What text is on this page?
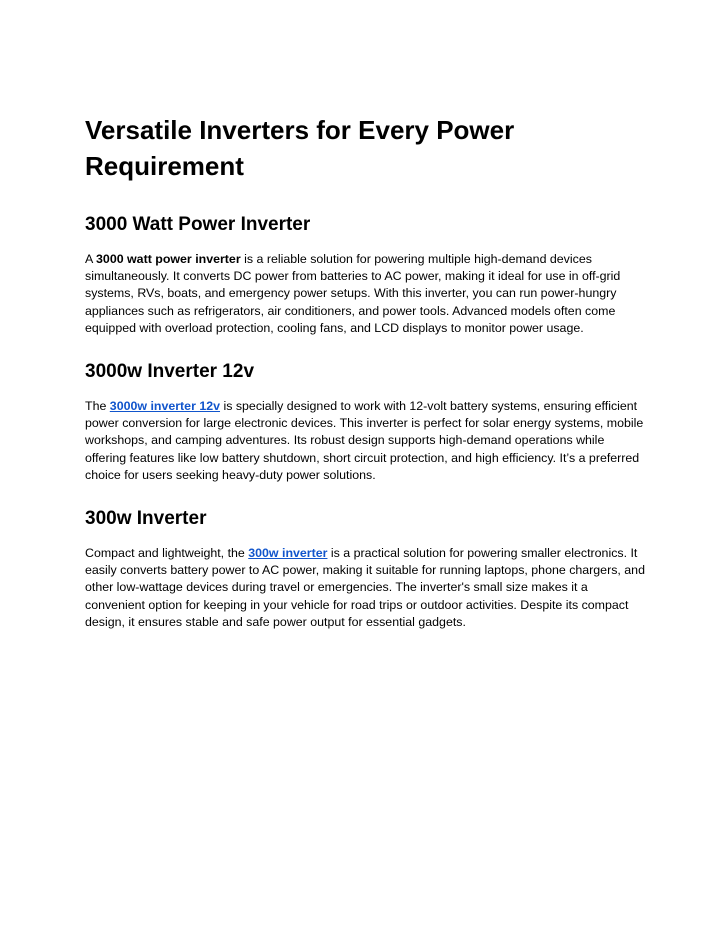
Versatile Inverters for Every Power Requirement
3000 Watt Power Inverter

A 3000 watt power inverter is a reliable solution for powering multiple high-demand devices simultaneously. It converts DC power from batteries to AC power, making it ideal for use in off-grid systems, RVs, boats, and emergency power setups. With this inverter, you can run power-hungry appliances such as refrigerators, air conditioners, and power tools. Advanced models often come equipped with overload protection, cooling fans, and LCD displays to monitor power usage.

3000w Inverter 12v

The 3000w inverter 12v is specially designed to work with 12-volt battery systems, ensuring efficient power conversion for large electronic devices. This inverter is perfect for solar energy systems, mobile workshops, and camping adventures. Its robust design supports high-demand operations while offering features like low battery shutdown, short circuit protection, and high efficiency. It’s a preferred choice for users seeking heavy-duty power solutions.

300w Inverter

Compact and lightweight, the 300w inverter is a practical solution for powering smaller electronics. It easily converts battery power to AC power, making it suitable for running laptops, phone chargers, and other low-wattage devices during travel or emergencies. The inverter's small size makes it a convenient option for keeping in your vehicle for road trips or outdoor activities. Despite its compact design, it ensures stable and safe power output for essential gadgets.
